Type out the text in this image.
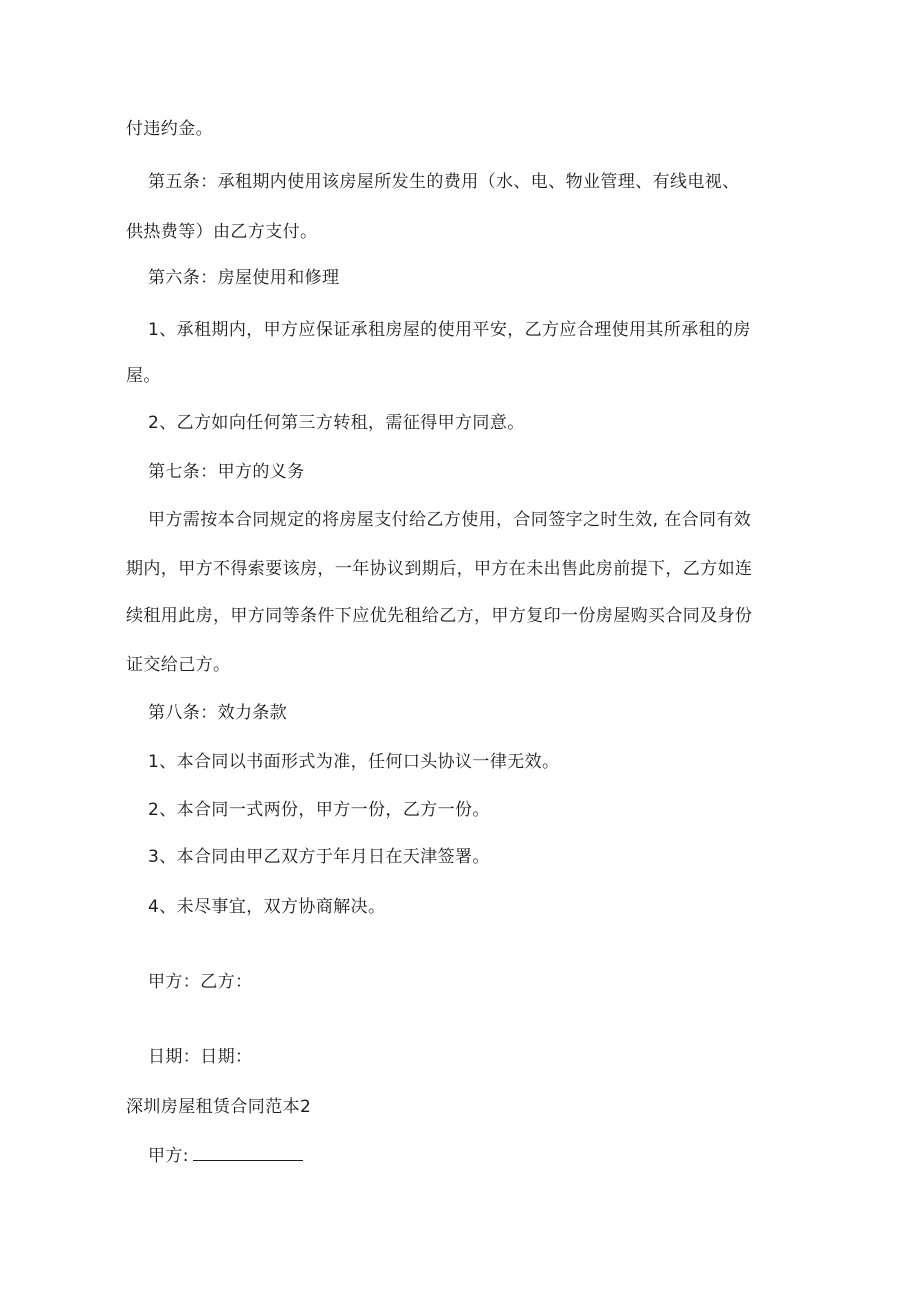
付违约金。
第五条：承租期内使用该房屋所发生的费用（水、电、物业管理、有线电视、
供热费等）由乙方支付。
第六条：房屋使用和修理
1、承租期内，甲方应保证承租房屋的使用平安，乙方应合理使用其所承租的房
屋。
2、乙方如向任何第三方转租，需征得甲方同意。
第七条：甲方的义务
甲方需按本合同规定的将房屋支付给乙方使用，合同签字之时生效, 在合同有效
期内，甲方不得索要该房，一年协议到期后，甲方在未出售此房前提下，乙方如连
续租用此房，甲方同等条件下应优先租给乙方，甲方复印一份房屋购买合同及身份
证交给己方。
第八条：效力条款
1、本合同以书面形式为准，任何口头协议一律无效。
2、本合同一式两份，甲方一份，乙方一份。
3、本合同由甲乙双方于年月日在天津签署。
4、未尽事宜，双方协商解决。
甲方：乙方：
日期：日期：
深圳房屋租赁合同范本2
甲方:
